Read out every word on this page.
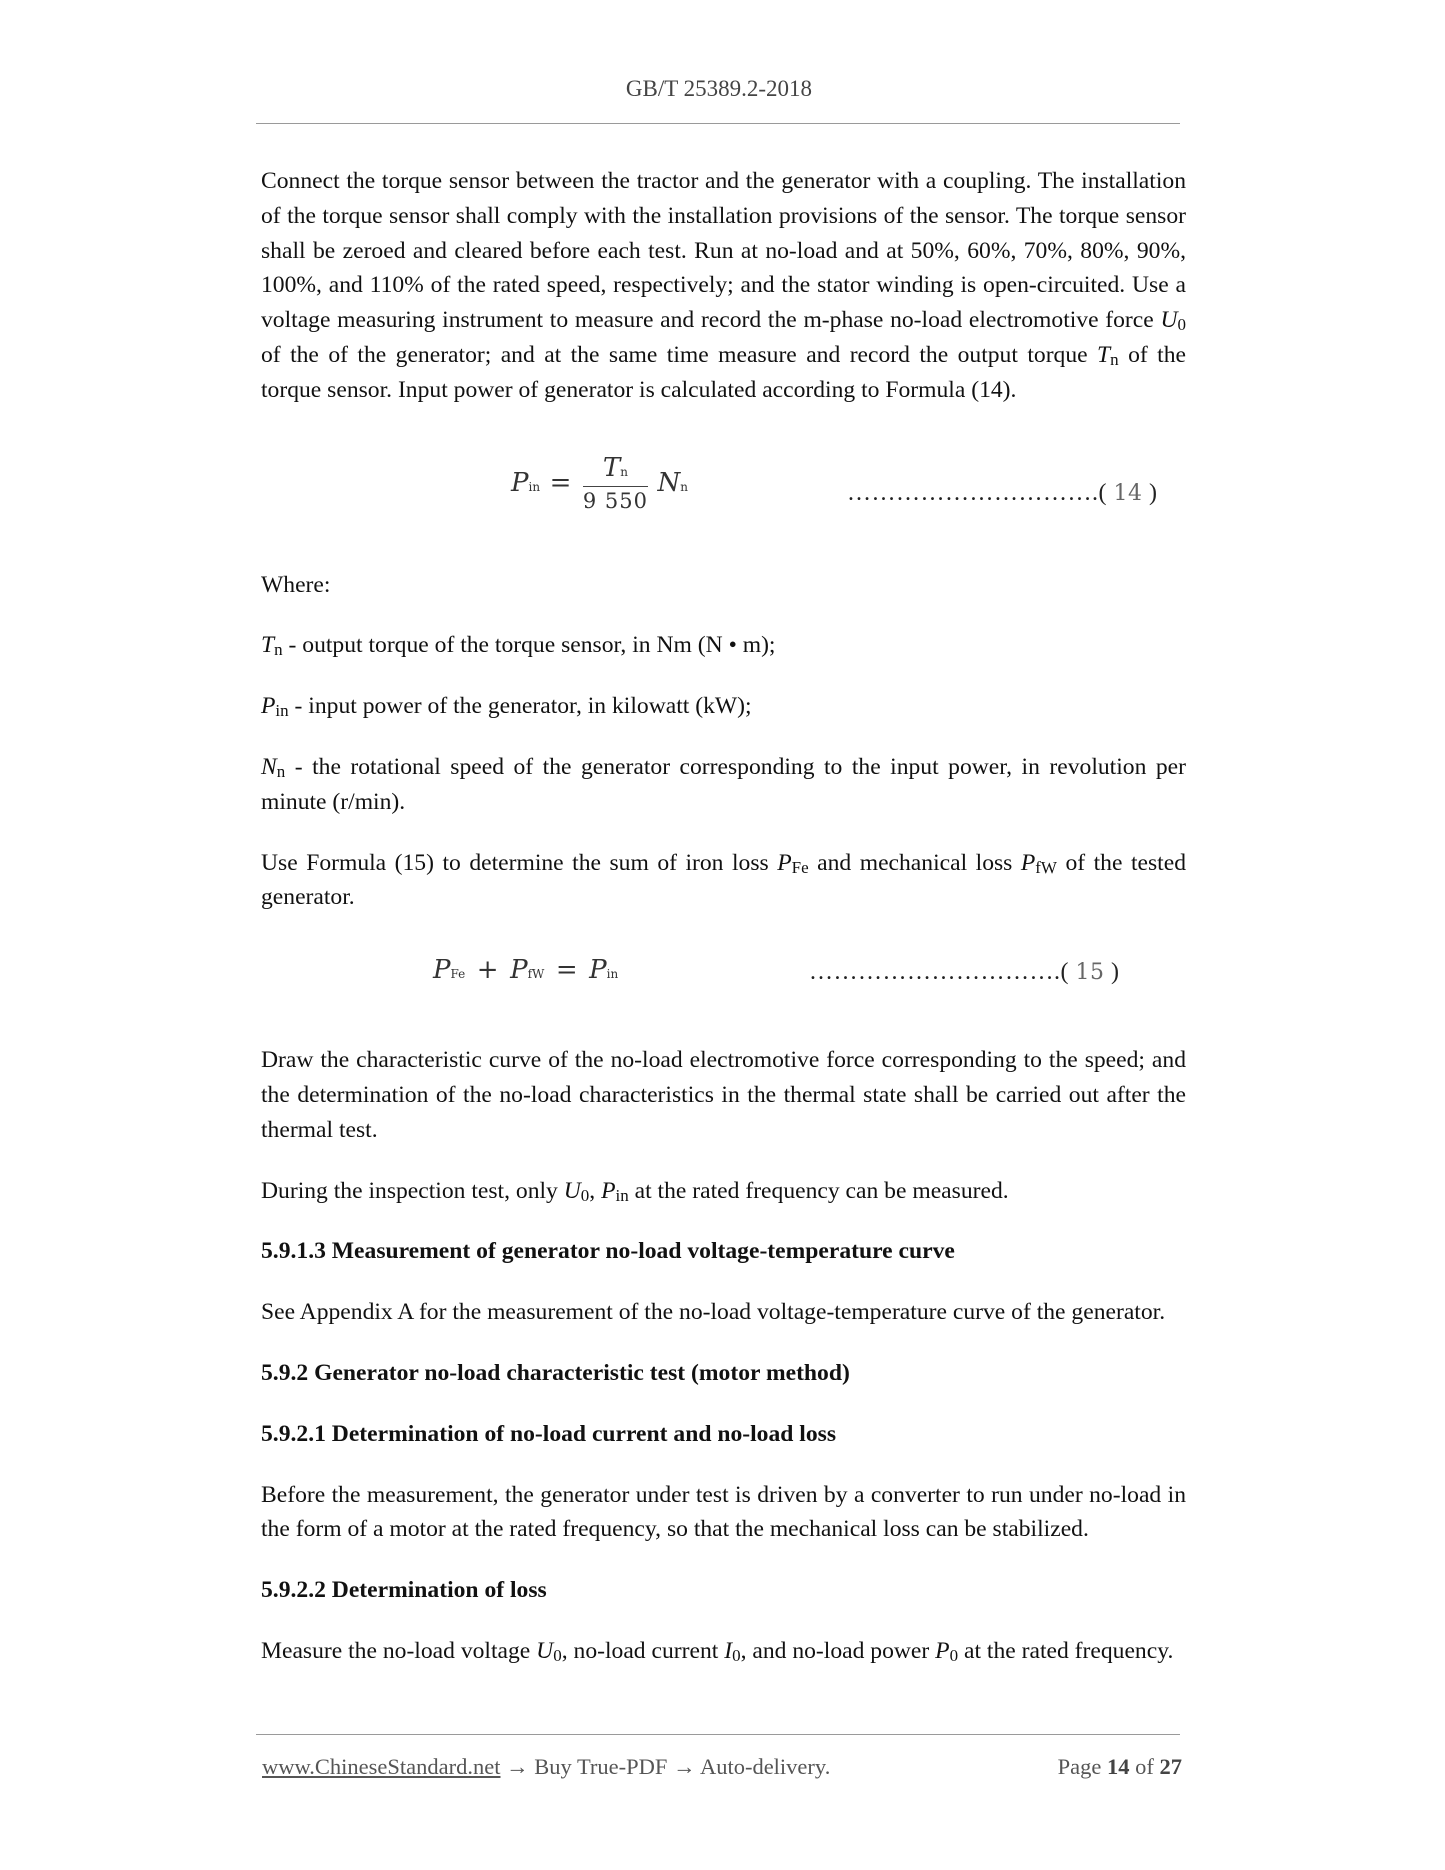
GB/T 25389.2-2018

Connect the torque sensor between the tractor and the generator with a coupling. The installation of the torque sensor shall comply with the installation provisions of the sensor. The torque sensor shall be zeroed and cleared before each test. Run at no-load and at 50%, 60%, 70%, 80%, 90%, 100%, and 110% of the rated speed, respectively; and the stator winding is open-circuited. Use a voltage measuring instrument to measure and record the m-phase no-load electromotive force $U_0$ of the of the generator; and at the same time measure and record the output torque $T_n$ of the torque sensor. Input power of generator is calculated according to Formula (14).

Pin = $\frac{Tn}{9 550}$ Nn	………………………….( 14 )

Where:

$T_n$ - output torque of the torque sensor, in Nm (N • m);

$P_{in}$ - input power of the generator, in kilowatt (kW);

$N_n$ - the rotational speed of the generator corresponding to the input power, in revolution per minute (r/min).

Use Formula (15) to determine the sum of iron loss $P_{Fe}$ and mechanical loss $P_{fW}$ of the tested generator.

PFe + PfW = Pin	………………………….( 15 )

Draw the characteristic curve of the no-load electromotive force corresponding to the speed; and the determination of the no-load characteristics in the thermal state shall be carried out after the thermal test.

During the inspection test, only $U_0$, $P_{in}$ at the rated frequency can be measured.

5.9.1.3 Measurement of generator no-load voltage-temperature curve

See Appendix A for the measurement of the no-load voltage-temperature curve of the generator.

5.9.2 Generator no-load characteristic test (motor method)

5.9.2.1 Determination of no-load current and no-load loss

Before the measurement, the generator under test is driven by a converter to run under no-load in the form of a motor at the rated frequency, so that the mechanical loss can be stabilized.

5.9.2.2 Determination of loss

Measure the no-load voltage $U_0$, no-load current $I_0$, and no-load power $P_0$ at the rated frequency.

www.ChineseStandard.net → Buy True-PDF → Auto-delivery.	Page 14 of 27
